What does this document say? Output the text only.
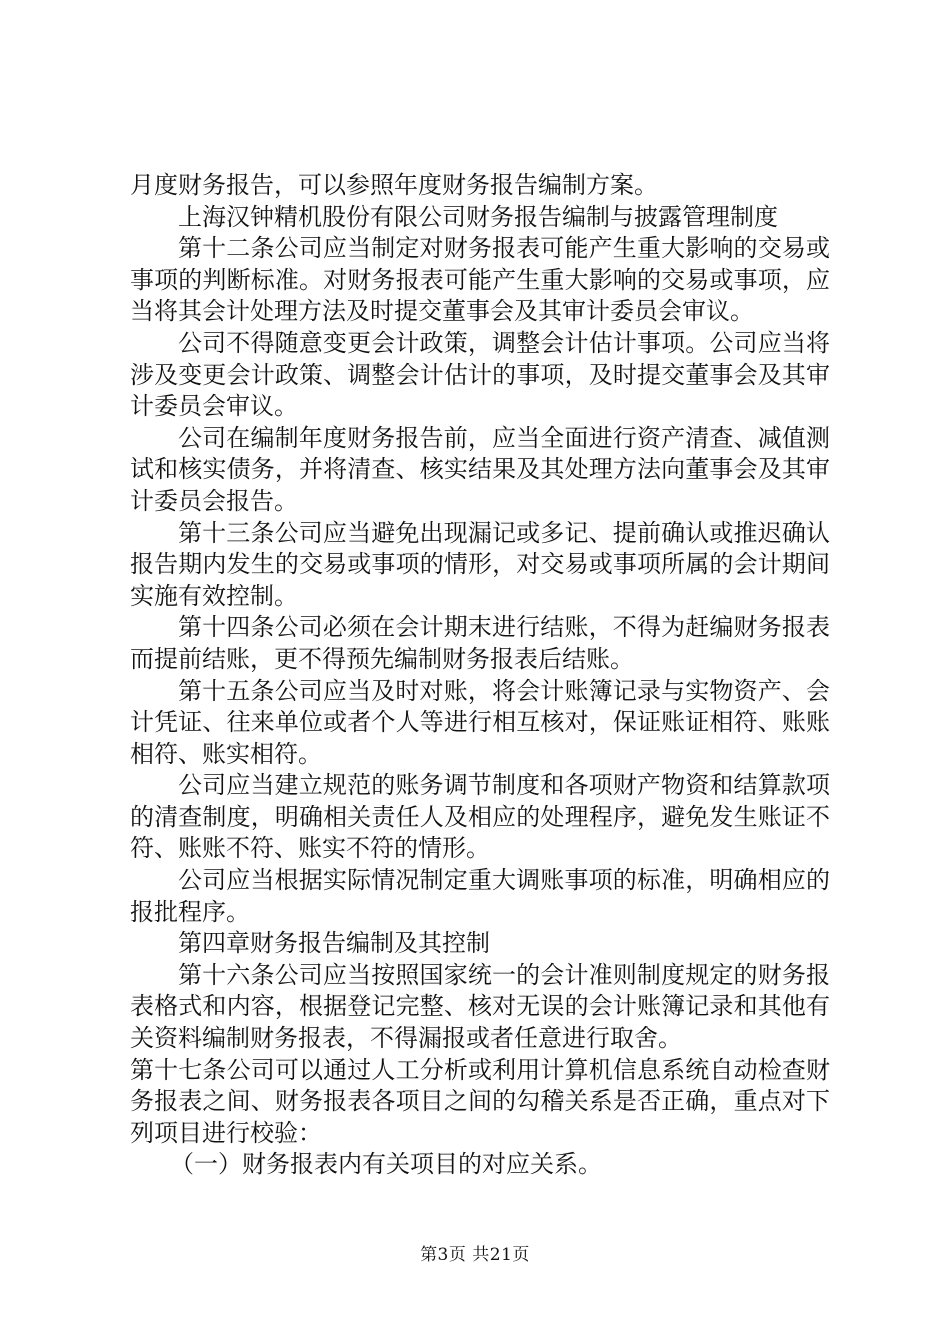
月度财务报告，可以参照年度财务报告编制方案。

上海汉钟精机股份有限公司财务报告编制与披露管理制度

第十二条公司应当制定对财务报表可能产生重大影响的交易或事项的判断标准。对财务报表可能产生重大影响的交易或事项，应当将其会计处理方法及时提交董事会及其审计委员会审议。

公司不得随意变更会计政策，调整会计估计事项。公司应当将涉及变更会计政策、调整会计估计的事项，及时提交董事会及其审计委员会审议。

公司在编制年度财务报告前，应当全面进行资产清查、减值测试和核实债务，并将清查、核实结果及其处理方法向董事会及其审计委员会报告。

第十三条公司应当避免出现漏记或多记、提前确认或推迟确认报告期内发生的交易或事项的情形，对交易或事项所属的会计期间实施有效控制。

第十四条公司必须在会计期末进行结账，不得为赶编财务报表而提前结账，更不得预先编制财务报表后结账。

第十五条公司应当及时对账，将会计账簿记录与实物资产、会计凭证、往来单位或者个人等进行相互核对，保证账证相符、账账相符、账实相符。

公司应当建立规范的账务调节制度和各项财产物资和结算款项的清查制度，明确相关责任人及相应的处理程序，避免发生账证不符、账账不符、账实不符的情形。

公司应当根据实际情况制定重大调账事项的标准，明确相应的报批程序。

第四章财务报告编制及其控制

第十六条公司应当按照国家统一的会计准则制度规定的财务报表格式和内容，根据登记完整、核对无误的会计账簿记录和其他有关资料编制财务报表，不得漏报或者任意进行取舍。

第十七条公司可以通过人工分析或利用计算机信息系统自动检查财务报表之间、财务报表各项目之间的勾稽关系是否正确，重点对下列项目进行校验：

（一）财务报表内有关项目的对应关系。

第3页 共21页
